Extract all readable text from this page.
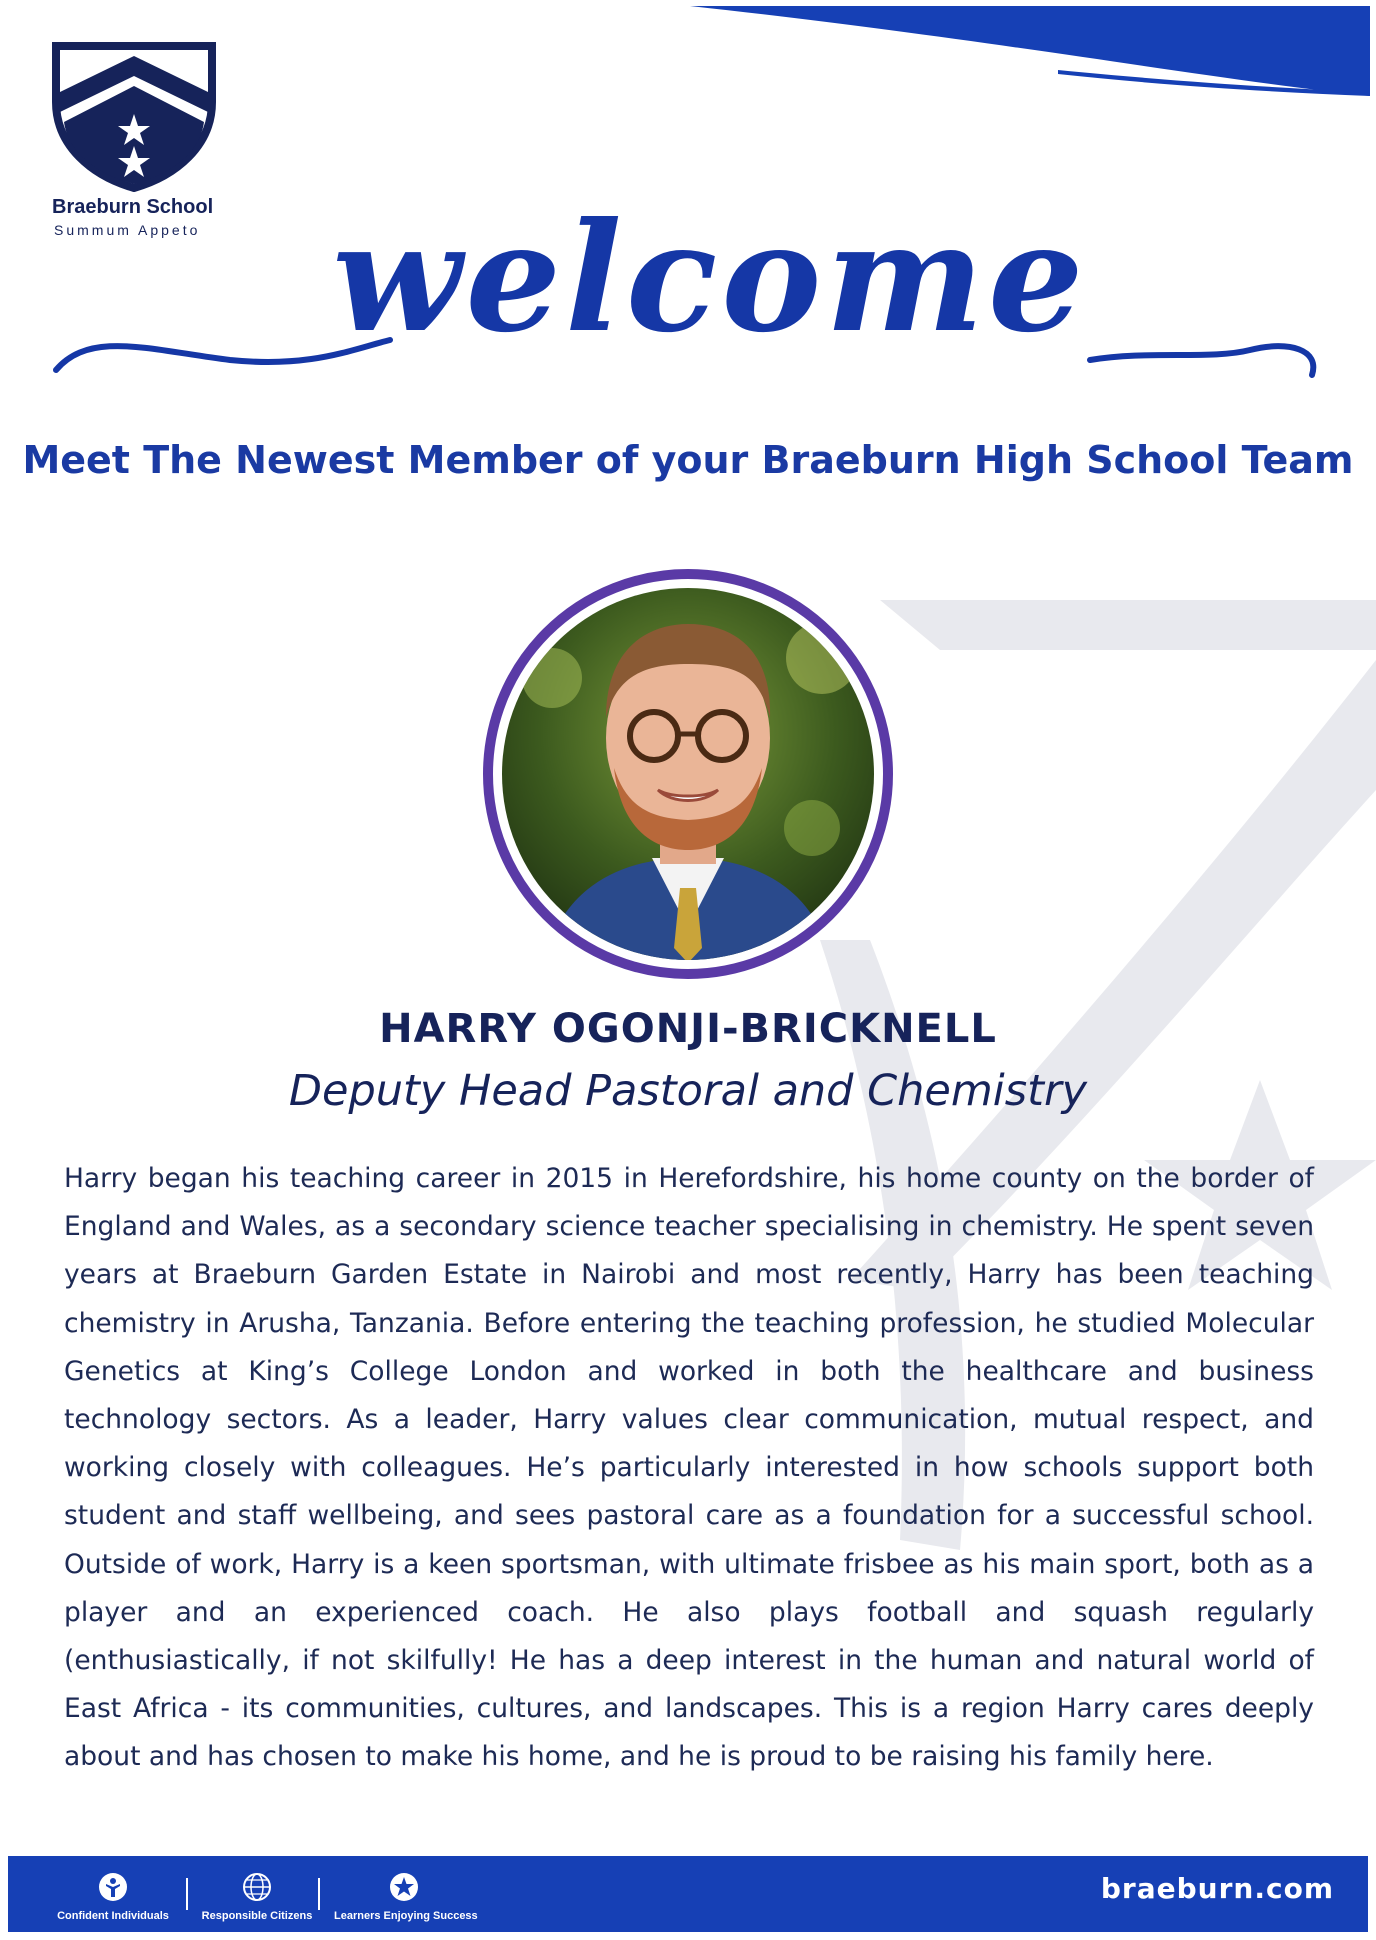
Braeburn School
Summum Appeto welcome
Meet The Newest Member of your Braeburn High School Team
HARRY OGONJI-BRICKNELL
Deputy Head Pastoral and Chemistry

Harry began his teaching career in 2015 in Herefordshire, his home county on the border of England and Wales, as a secondary science teacher specialising in chemistry. He spent seven years at Braeburn Garden Estate in Nairobi and most recently, Harry has been teaching chemistry in Arusha, Tanzania. Before entering the teaching profession, he studied Molecular Genetics at King’s College London and worked in both the healthcare and business technology sectors. As a leader, Harry values clear communication, mutual respect, and working closely with colleagues. He’s particularly interested in how schools support both student and staff wellbeing, and sees pastoral care as a foundation for a successful school. Outside of work, Harry is a keen sportsman, with ultimate frisbee as his main sport, both as a player and an experienced coach. He also plays football and squash regularly (enthusiastically, if not skilfully! He has a deep interest in the human and natural world of East Africa - its communities, cultures, and landscapes. This is a region Harry cares deeply about and has chosen to make his home, and he is proud to be raising his family here.

Confident Individuals	Responsible Citizens	Learners Enjoying Success
braeburn.com
